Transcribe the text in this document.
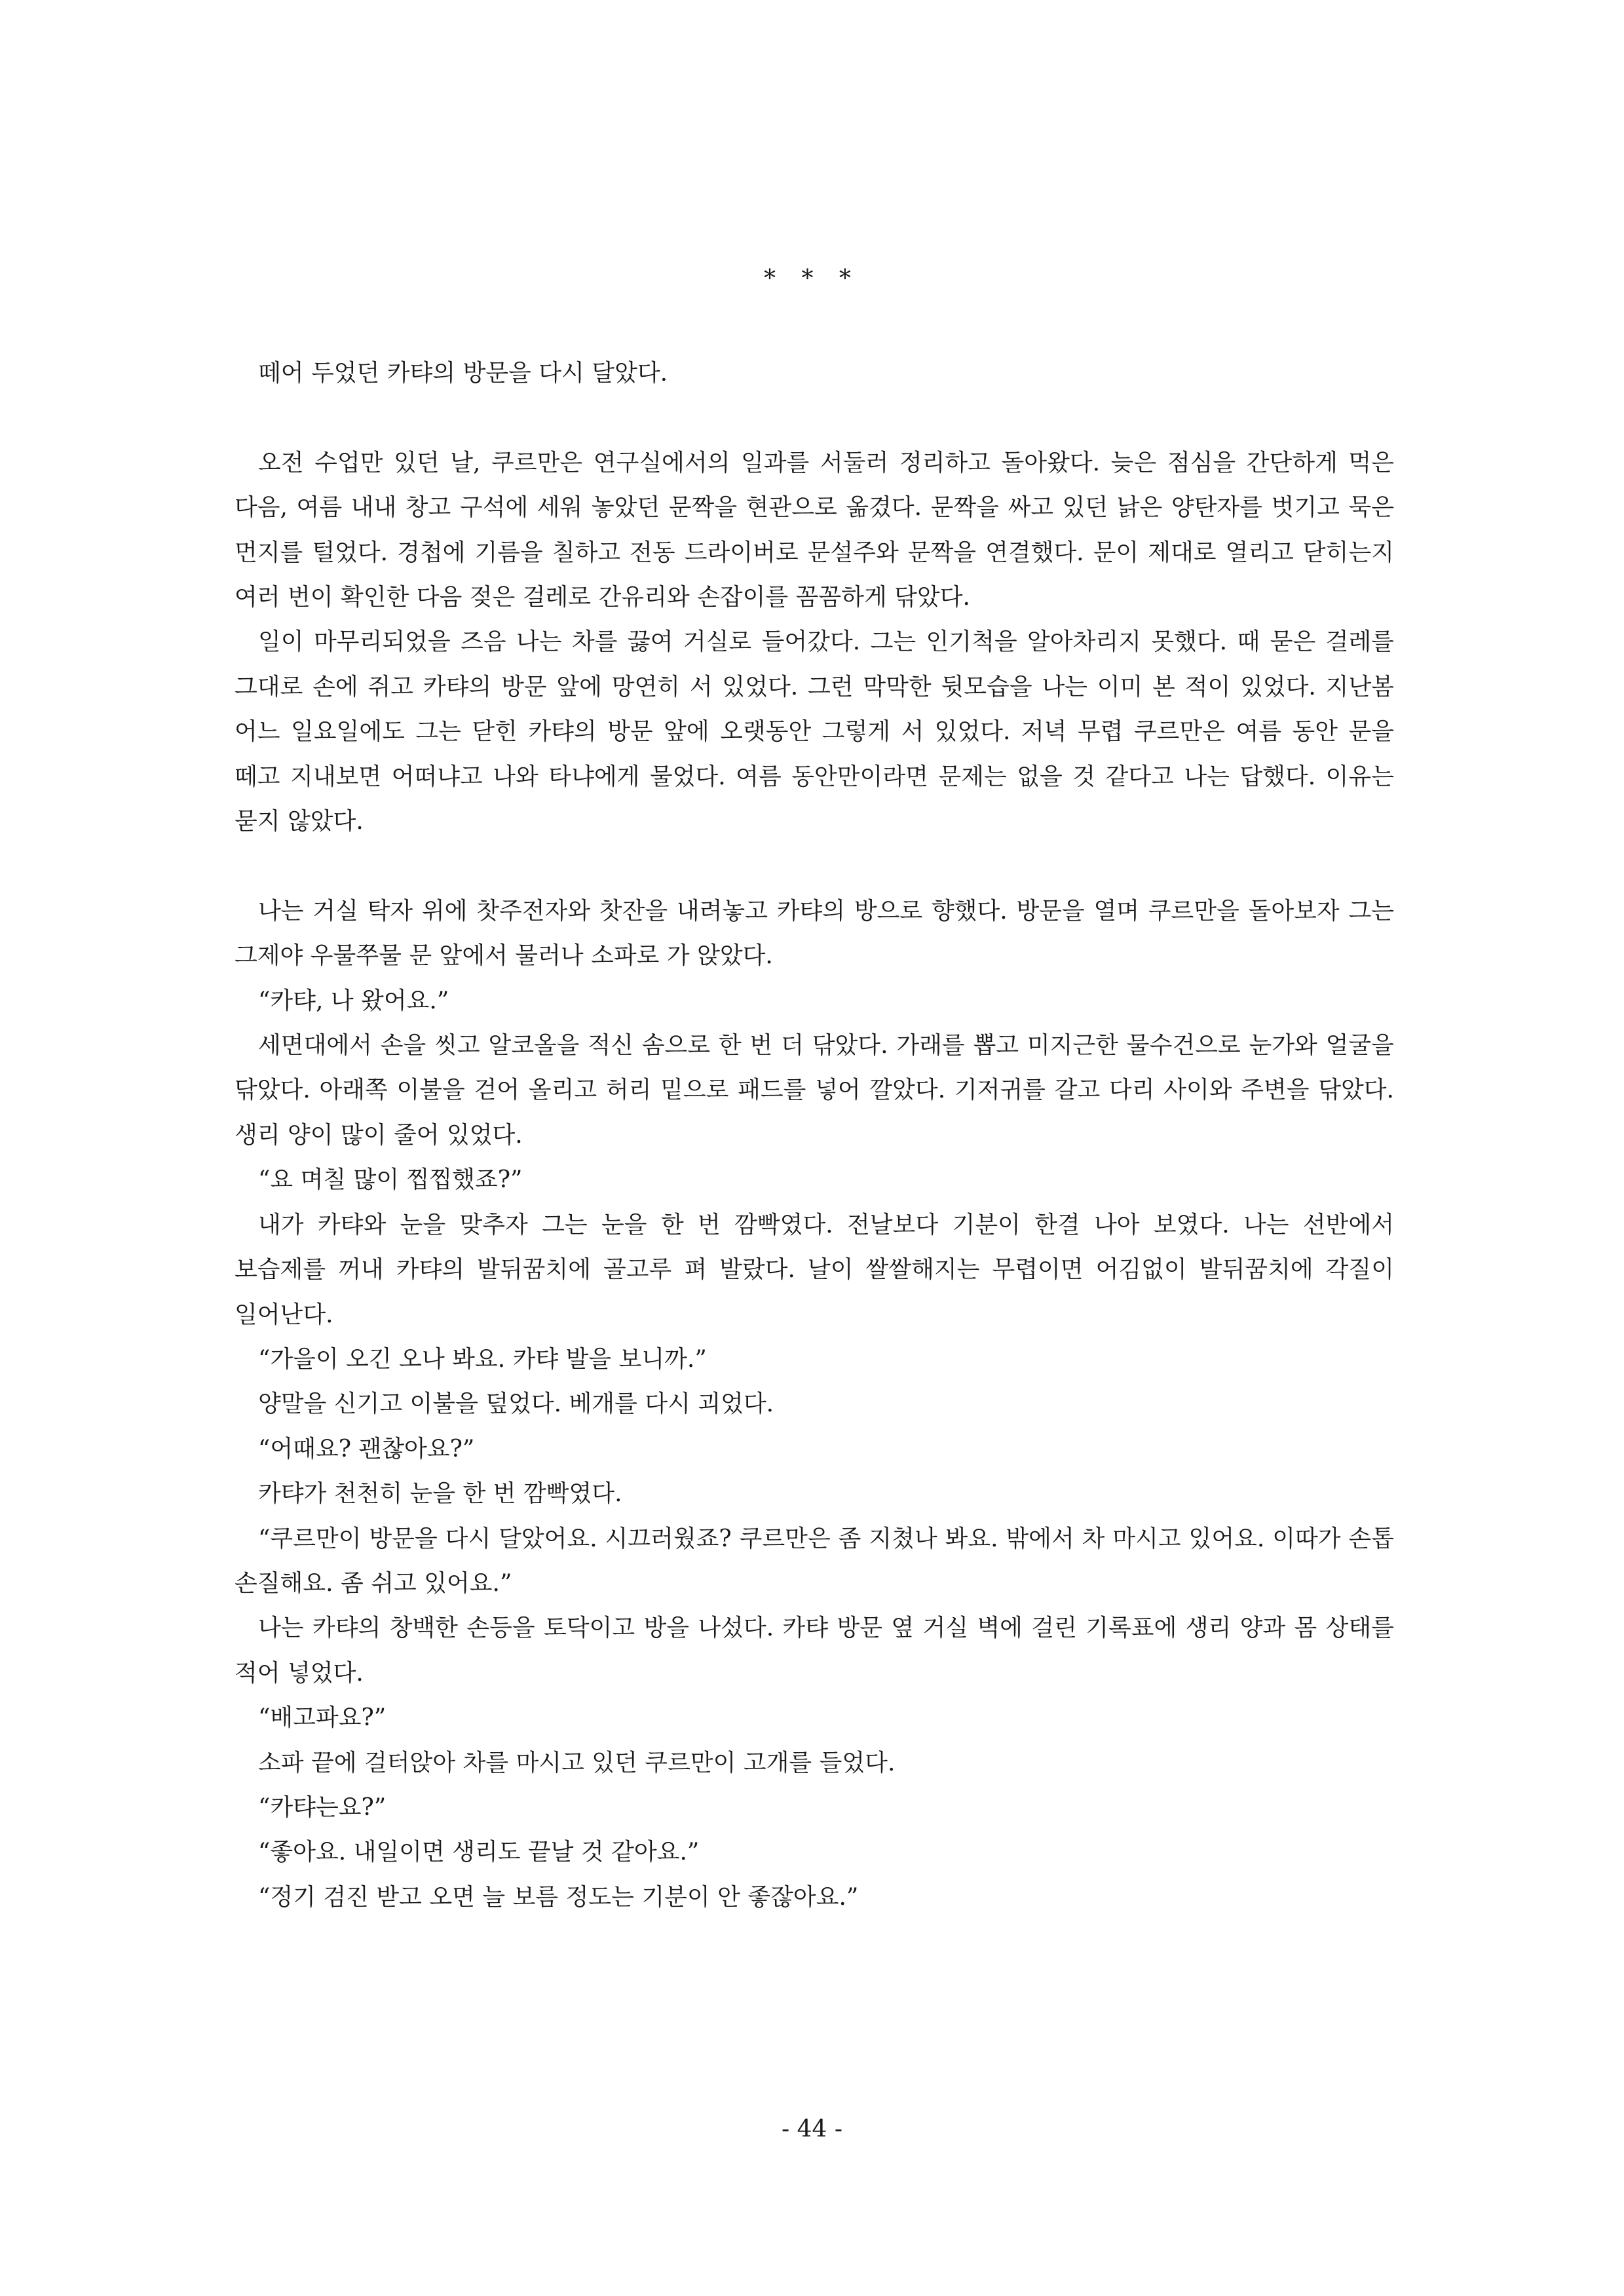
* * *

떼어 두었던 카탸의 방문을 다시 달았다.

오전 수업만 있던 날, 쿠르만은 연구실에서의 일과를 서둘러 정리하고 돌아왔다. 늦은 점심을 간단하게 먹은 다음, 여름 내내 창고 구석에 세워 놓았던 문짝을 현관으로 옮겼다. 문짝을 싸고 있던 낡은 양탄자를 벗기고 묵은 먼지를 털었다. 경첩에 기름을 칠하고 전동 드라이버로 문설주와 문짝을 연결했다. 문이 제대로 열리고 닫히는지 여러 번이 확인한 다음 젖은 걸레로 간유리와 손잡이를 꼼꼼하게 닦았다.

일이 마무리되었을 즈음 나는 차를 끓여 거실로 들어갔다. 그는 인기척을 알아차리지 못했다. 때 묻은 걸레를 그대로 손에 쥐고 카탸의 방문 앞에 망연히 서 있었다. 그런 막막한 뒷모습을 나는 이미 본 적이 있었다. 지난봄 어느 일요일에도 그는 닫힌 카탸의 방문 앞에 오랫동안 그렇게 서 있었다. 저녁 무렵 쿠르만은 여름 동안 문을 떼고 지내보면 어떠냐고 나와 타냐에게 물었다. 여름 동안만이라면 문제는 없을 것 같다고 나는 답했다. 이유는 묻지 않았다.

나는 거실 탁자 위에 찻주전자와 찻잔을 내려놓고 카탸의 방으로 향했다. 방문을 열며 쿠르만을 돌아보자 그는 그제야 우물쭈물 문 앞에서 물러나 소파로 가 앉았다.

“카탸, 나 왔어요.”

세면대에서 손을 씻고 알코올을 적신 솜으로 한 번 더 닦았다. 가래를 뽑고 미지근한 물수건으로 눈가와 얼굴을 닦았다. 아래쪽 이불을 걷어 올리고 허리 밑으로 패드를 넣어 깔았다. 기저귀를 갈고 다리 사이와 주변을 닦았다. 생리 양이 많이 줄어 있었다.

“요 며칠 많이 찝찝했죠?”

내가 카탸와 눈을 맞추자 그는 눈을 한 번 깜빡였다. 전날보다 기분이 한결 나아 보였다. 나는 선반에서 보습제를 꺼내 카탸의 발뒤꿈치에 골고루 펴 발랐다. 날이 쌀쌀해지는 무렵이면 어김없이 발뒤꿈치에 각질이 일어난다.

“가을이 오긴 오나 봐요. 카탸 발을 보니까.”

양말을 신기고 이불을 덮었다. 베개를 다시 괴었다.

“어때요? 괜찮아요?”

카탸가 천천히 눈을 한 번 깜빡였다.

“쿠르만이 방문을 다시 달았어요. 시끄러웠죠? 쿠르만은 좀 지쳤나 봐요. 밖에서 차 마시고 있어요. 이따가 손톱 손질해요. 좀 쉬고 있어요.”

나는 카탸의 창백한 손등을 토닥이고 방을 나섰다. 카탸 방문 옆 거실 벽에 걸린 기록표에 생리 양과 몸 상태를 적어 넣었다.

“배고파요?”

소파 끝에 걸터앉아 차를 마시고 있던 쿠르만이 고개를 들었다.

“카탸는요?”

“좋아요. 내일이면 생리도 끝날 것 같아요.”

“정기 검진 받고 오면 늘 보름 정도는 기분이 안 좋잖아요.”

- 44 -
